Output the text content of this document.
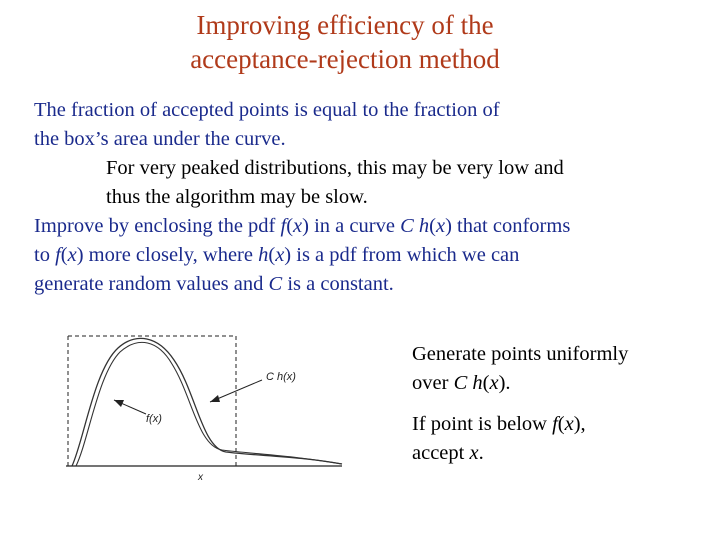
Improving efficiency of the
acceptance-rejection method
The fraction of accepted points is equal to the fraction of
the box’s area under the curve.
For very peaked distributions, this may be very low and
thus the algorithm may be slow.
Improve by enclosing the pdf f(x) in a curve C h(x) that conforms
to f(x) more closely, where h(x) is a pdf from which we can
generate random values and C is a constant.
C h(x)
f(x)
x

Generate points uniformly
over C h(x).

If point is below f(x),
accept x.
